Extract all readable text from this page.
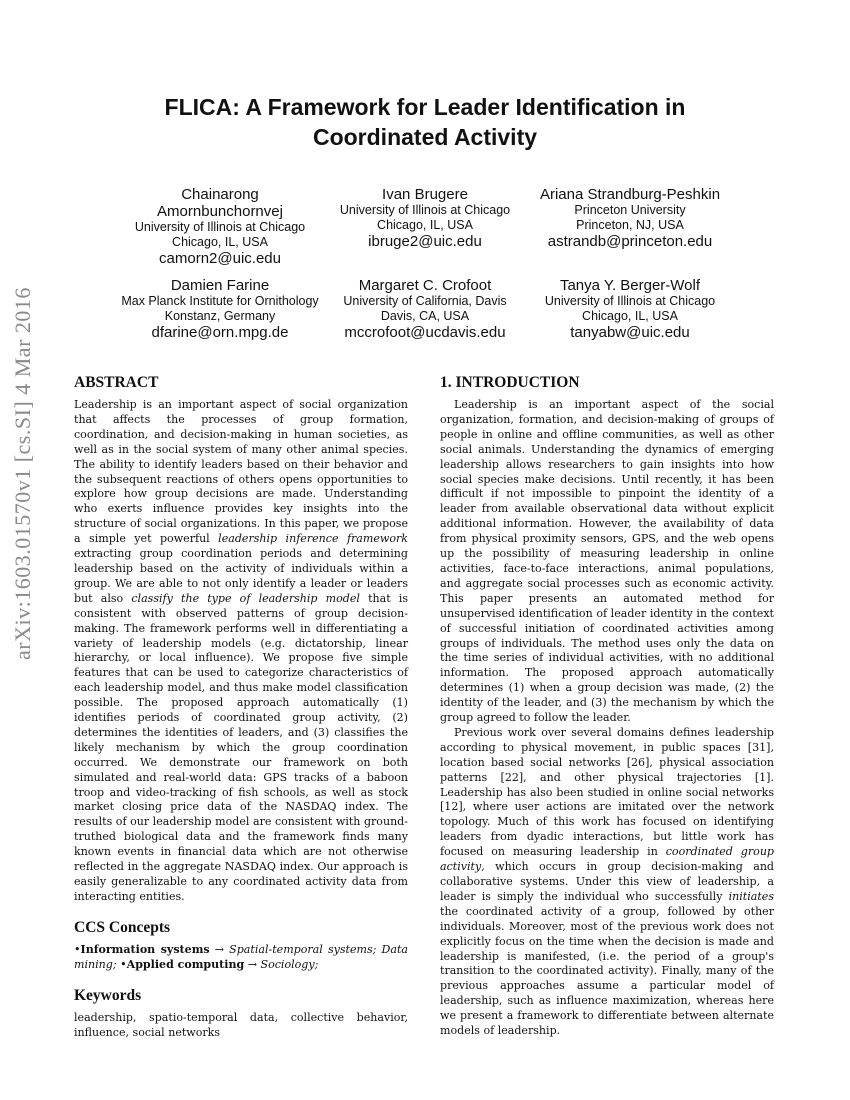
arXiv:1603.01570v1 [cs.SI] 4 Mar 2016
FLICA: A Framework for Leader Identification in Coordinated Activity
Chainarong Amornbunchornvej
University of Illinois at Chicago
Chicago, IL, USA
camorn2@uic.edu
Ivan Brugere
University of Illinois at Chicago
Chicago, IL, USA
ibruge2@uic.edu
Ariana Strandburg-Peshkin
Princeton University
Princeton, NJ, USA
astrandb@princeton.edu
Damien Farine
Max Planck Institute for Ornithology
Konstanz, Germany
dfarine@orn.mpg.de
Margaret C. Crofoot
University of California, Davis
Davis, CA, USA
mccrofoot@ucdavis.edu
Tanya Y. Berger-Wolf
University of Illinois at Chicago
Chicago, IL, USA
tanyabw@uic.edu
ABSTRACT

Leadership is an important aspect of social organization that affects the processes of group formation, coordination, and decision-making in human societies, as well as in the social system of many other animal species. The ability to identify leaders based on their behavior and the subsequent reactions of others opens opportunities to explore how group decisions are made. Understanding who exerts influence provides key insights into the structure of social organizations. In this paper, we propose a simple yet powerful leadership inference framework extracting group coordination periods and determining leadership based on the activity of individuals within a group. We are able to not only identify a leader or leaders but also classify the type of leadership model that is consistent with observed patterns of group decision-making. The framework performs well in differentiating a variety of leadership models (e.g. dictatorship, linear hierarchy, or local influence). We propose five simple features that can be used to categorize characteristics of each leadership model, and thus make model classification possible. The proposed approach automatically (1) identifies periods of coordinated group activity, (2) determines the identities of leaders, and (3) classifies the likely mechanism by which the group coordination occurred. We demonstrate our framework on both simulated and real-world data: GPS tracks of a baboon troop and video-tracking of fish schools, as well as stock market closing price data of the NASDAQ index. The results of our leadership model are consistent with ground-truthed biological data and the framework finds many known events in financial data which are not otherwise reflected in the aggregate NASDAQ index. Our approach is easily generalizable to any coordinated activity data from interacting entities.

CCS Concepts

•Information systems → Spatial-temporal systems; Data mining; •Applied computing → Sociology;

Keywords

leadership, spatio-temporal data, collective behavior, influence, social networks

1. INTRODUCTION

Leadership is an important aspect of the social organization, formation, and decision-making of groups of people in online and offline communities, as well as other social animals. Understanding the dynamics of emerging leadership allows researchers to gain insights into how social species make decisions. Until recently, it has been difficult if not impossible to pinpoint the identity of a leader from available observational data without explicit additional information. However, the availability of data from physical proximity sensors, GPS, and the web opens up the possibility of measuring leadership in online activities, face-to-face interactions, animal populations, and aggregate social processes such as economic activity. This paper presents an automated method for unsupervised identification of leader identity in the context of successful initiation of coordinated activities among groups of individuals. The method uses only the data on the time series of individual activities, with no additional information. The proposed approach automatically determines (1) when a group decision was made, (2) the identity of the leader, and (3) the mechanism by which the group agreed to follow the leader.

Previous work over several domains defines leadership according to physical movement, in public spaces [31], location based social networks [26], physical association patterns [22], and other physical trajectories [1]. Leadership has also been studied in online social networks [12], where user actions are imitated over the network topology. Much of this work has focused on identifying leaders from dyadic interactions, but little work has focused on measuring leadership in coordinated group activity, which occurs in group decision-making and collaborative systems. Under this view of leadership, a leader is simply the individual who successfully initiates the coordinated activity of a group, followed by other individuals. Moreover, most of the previous work does not explicitly focus on the time when the decision is made and leadership is manifested, (i.e. the period of a group's transition to the coordinated activity). Finally, many of the previous approaches assume a particular model of leadership, such as influence maximization, whereas here we present a framework to differentiate between alternate models of leadership.
